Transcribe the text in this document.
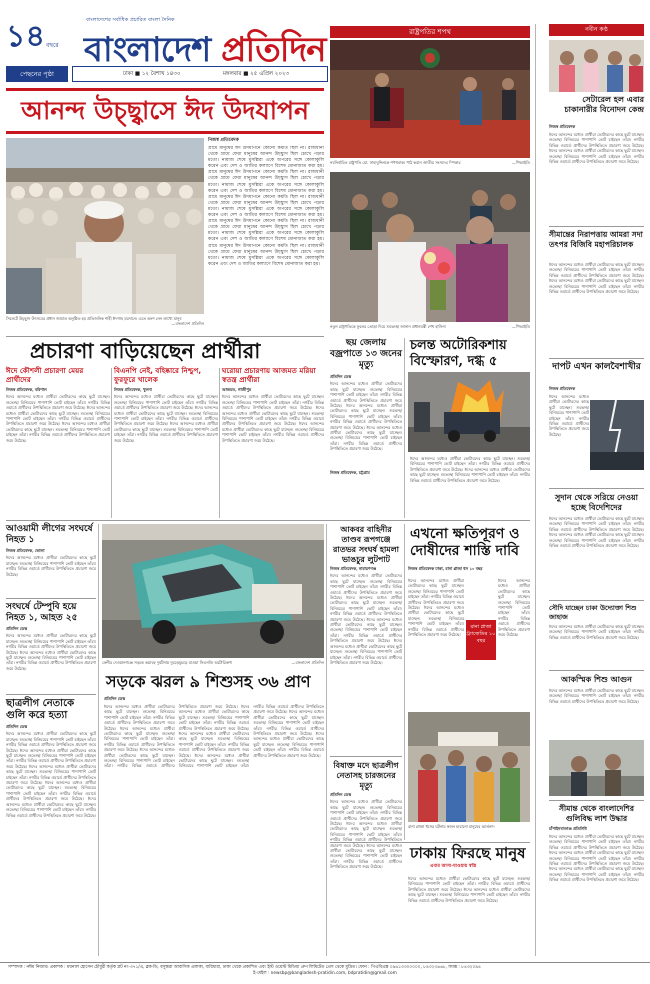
১৪ বছরে
পেছনের পৃষ্ঠা
বাংলাদেশের সর্বাধিক প্রচারিত বাংলা দৈনিক
বাংলাদেশ প্রতিদিন
ঢাকা ■ ১২ বৈশাখ ১৪৩০	মঙ্গলবার ■ ২৫ এপ্রিল ২০২৩
রাষ্ট্রপতির শপথ	নবীন কণ্ঠ
আনন্দ উচ্ছ্বাসে ঈদ উদযাপন
সিলেটে উচ্ছ্বাস উৎসবের প্রধান জামাত অনুষ্ঠিত হয় প্রতিজনিক শাহী ঈদগাহ ময়দানে। এতে অংশ নেন লাখো মানুষ
—বাংলাদেশ প্রতিদিন
নিজস্ব প্রতিবেদক
গ্রামে মানুষের ঈদ উদযাপনে কোনো কমতি ছিল না। রাজধানী থেকে গ্রামে ফেরা মানুষের আনন্দ উচ্ছ্বাস ছিল চোখে পড়ার মতো। নামাজ শেষে মুসল্লিরা একে অপরের সঙ্গে কোলাকুলি করেন এবং দেশ ও জাতির কল্যাণে বিশেষ মোনাজাত করা হয়। গ্রামে মানুষের ঈদ উদযাপনে কোনো কমতি ছিল না। রাজধানী থেকে গ্রামে ফেরা মানুষের আনন্দ উচ্ছ্বাস ছিল চোখে পড়ার মতো। নামাজ শেষে মুসল্লিরা একে অপরের সঙ্গে কোলাকুলি করেন এবং দেশ ও জাতির কল্যাণে বিশেষ মোনাজাত করা হয়। গ্রামে মানুষের ঈদ উদযাপনে কোনো কমতি ছিল না। রাজধানী থেকে গ্রামে ফেরা মানুষের আনন্দ উচ্ছ্বাস ছিল চোখে পড়ার মতো। নামাজ শেষে মুসল্লিরা একে অপরের সঙ্গে কোলাকুলি করেন এবং দেশ ও জাতির কল্যাণে বিশেষ মোনাজাত করা হয়। গ্রামে মানুষের ঈদ উদযাপনে কোনো কমতি ছিল না। রাজধানী থেকে গ্রামে ফেরা মানুষের আনন্দ উচ্ছ্বাস ছিল চোখে পড়ার মতো। নামাজ শেষে মুসল্লিরা একে অপরের সঙ্গে কোলাকুলি করেন এবং দেশ ও জাতির কল্যাণে বিশেষ মোনাজাত করা হয়। গ্রামে মানুষের ঈদ উদযাপনে কোনো কমতি ছিল না। রাজধানী থেকে গ্রামে ফেরা মানুষের আনন্দ উচ্ছ্বাস ছিল চোখে পড়ার মতো। নামাজ শেষে মুসল্লিরা একে অপরের সঙ্গে কোলাকুলি করেন এবং দেশ ও জাতির কল্যাণে বিশেষ মোনাজাত করা হয়।
নবনির্বাচিত রাষ্ট্রপতি মো. সাহাবুদ্দিনকে শপথবাক্য পাঠ করান জাতীয় সংসদের স্পিকার	—পিআইডি
নতুন রাষ্ট্রপতিকে ফুলের তোড়া দিয়ে শুভেচ্ছা জানান প্রধানমন্ত্রী শেখ হাসিনা	—পিআইডি
প্রচারণা বাড়িয়েছেন প্রার্থীরা
ঈদে কৌশলী প্রচারণা মেয়র প্রার্থীদের
নিজস্ব প্রতিবেদক, বরিশাল
ঈদের আনন্দের মধ্যেও প্রার্থীরা ভোটারদের কাছে ছুটে যাচ্ছেন। শুভেচ্ছা বিনিময়ের পাশাপাশি ভোট চাইছেন তাঁরা। নগরীর বিভিন্ন ওয়ার্ডে প্রার্থীদের উপস্থিতিতে প্রচারণা জমে উঠেছে। ঈদের আনন্দের মধ্যেও প্রার্থীরা ভোটারদের কাছে ছুটে যাচ্ছেন। শুভেচ্ছা বিনিময়ের পাশাপাশি ভোট চাইছেন তাঁরা। নগরীর বিভিন্ন ওয়ার্ডে প্রার্থীদের উপস্থিতিতে প্রচারণা জমে উঠেছে। ঈদের আনন্দের মধ্যেও প্রার্থীরা ভোটারদের কাছে ছুটে যাচ্ছেন। শুভেচ্ছা বিনিময়ের পাশাপাশি ভোট চাইছেন তাঁরা। নগরীর বিভিন্ন ওয়ার্ডে প্রার্থীদের উপস্থিতিতে প্রচারণা জমে উঠেছে।
বিএনপি নেই, বহিষ্কারে নিশ্চুপ, ফুরফুরে খালেক
নিজস্ব প্রতিবেদক, খুলনা
ঈদের আনন্দের মধ্যেও প্রার্থীরা ভোটারদের কাছে ছুটে যাচ্ছেন। শুভেচ্ছা বিনিময়ের পাশাপাশি ভোট চাইছেন তাঁরা। নগরীর বিভিন্ন ওয়ার্ডে প্রার্থীদের উপস্থিতিতে প্রচারণা জমে উঠেছে। ঈদের আনন্দের মধ্যেও প্রার্থীরা ভোটারদের কাছে ছুটে যাচ্ছেন। শুভেচ্ছা বিনিময়ের পাশাপাশি ভোট চাইছেন তাঁরা। নগরীর বিভিন্ন ওয়ার্ডে প্রার্থীদের উপস্থিতিতে প্রচারণা জমে উঠেছে। ঈদের আনন্দের মধ্যেও প্রার্থীরা ভোটারদের কাছে ছুটে যাচ্ছেন। শুভেচ্ছা বিনিময়ের পাশাপাশি ভোট চাইছেন তাঁরা। নগরীর বিভিন্ন ওয়ার্ডে প্রার্থীদের উপস্থিতিতে প্রচারণা জমে উঠেছে।
ঘরোয়া প্রচারণায় আজমত মরিয়া স্বতন্ত্র প্রার্থীরা
আজমত, গাজীপুর
ঈদের আনন্দের মধ্যেও প্রার্থীরা ভোটারদের কাছে ছুটে যাচ্ছেন। শুভেচ্ছা বিনিময়ের পাশাপাশি ভোট চাইছেন তাঁরা। নগরীর বিভিন্ন ওয়ার্ডে প্রার্থীদের উপস্থিতিতে প্রচারণা জমে উঠেছে। ঈদের আনন্দের মধ্যেও প্রার্থীরা ভোটারদের কাছে ছুটে যাচ্ছেন। শুভেচ্ছা বিনিময়ের পাশাপাশি ভোট চাইছেন তাঁরা। নগরীর বিভিন্ন ওয়ার্ডে প্রার্থীদের উপস্থিতিতে প্রচারণা জমে উঠেছে। ঈদের আনন্দের মধ্যেও প্রার্থীরা ভোটারদের কাছে ছুটে যাচ্ছেন। শুভেচ্ছা বিনিময়ের পাশাপাশি ভোট চাইছেন তাঁরা। নগরীর বিভিন্ন ওয়ার্ডে প্রার্থীদের উপস্থিতিতে প্রচারণা জমে উঠেছে।
ছয় জেলায় বজ্রপাতে ১৩ জনের মৃত্যু
প্রতিদিন ডেস্ক
ঈদের আনন্দের মধ্যেও প্রার্থীরা ভোটারদের কাছে ছুটে যাচ্ছেন। শুভেচ্ছা বিনিময়ের পাশাপাশি ভোট চাইছেন তাঁরা। নগরীর বিভিন্ন ওয়ার্ডে প্রার্থীদের উপস্থিতিতে প্রচারণা জমে উঠেছে। ঈদের আনন্দের মধ্যেও প্রার্থীরা ভোটারদের কাছে ছুটে যাচ্ছেন। শুভেচ্ছা বিনিময়ের পাশাপাশি ভোট চাইছেন তাঁরা। নগরীর বিভিন্ন ওয়ার্ডে প্রার্থীদের উপস্থিতিতে প্রচারণা জমে উঠেছে। ঈদের আনন্দের মধ্যেও প্রার্থীরা ভোটারদের কাছে ছুটে যাচ্ছেন। শুভেচ্ছা বিনিময়ের পাশাপাশি ভোট চাইছেন তাঁরা। নগরীর বিভিন্ন ওয়ার্ডে প্রার্থীদের উপস্থিতিতে প্রচারণা জমে উঠেছে।
চলন্ত অটোরিকশায় বিস্ফোরণ, দগ্ধ ৫
নিজস্ব প্রতিবেদক, চট্টগ্রাম
ঈদের আনন্দের মধ্যেও প্রার্থীরা ভোটারদের কাছে ছুটে যাচ্ছেন। শুভেচ্ছা বিনিময়ের পাশাপাশি ভোট চাইছেন তাঁরা। নগরীর বিভিন্ন ওয়ার্ডে প্রার্থীদের উপস্থিতিতে প্রচারণা জমে উঠেছে। ঈদের আনন্দের মধ্যেও প্রার্থীরা ভোটারদের কাছে ছুটে যাচ্ছেন। শুভেচ্ছা বিনিময়ের পাশাপাশি ভোট চাইছেন তাঁরা। নগরীর বিভিন্ন ওয়ার্ডে প্রার্থীদের উপস্থিতিতে প্রচারণা জমে উঠেছে।
আওয়ামী লীগের সংঘর্ষে নিহত ১
নিজস্ব প্রতিবেদক, ভোলা
ঈদের আনন্দের মধ্যেও প্রার্থীরা ভোটারদের কাছে ছুটে যাচ্ছেন। শুভেচ্ছা বিনিময়ের পাশাপাশি ভোট চাইছেন তাঁরা। নগরীর বিভিন্ন ওয়ার্ডে প্রার্থীদের উপস্থিতিতে প্রচারণা জমে উঠেছে।
সংঘর্ষে টেম্পুবি হয়ে নিহত ১, আহত ২৫
প্রতিদিন ডেস্ক
ঈদের আনন্দের মধ্যেও প্রার্থীরা ভোটারদের কাছে ছুটে যাচ্ছেন। শুভেচ্ছা বিনিময়ের পাশাপাশি ভোট চাইছেন তাঁরা। নগরীর বিভিন্ন ওয়ার্ডে প্রার্থীদের উপস্থিতিতে প্রচারণা জমে উঠেছে। ঈদের আনন্দের মধ্যেও প্রার্থীরা ভোটারদের কাছে ছুটে যাচ্ছেন। শুভেচ্ছা বিনিময়ের পাশাপাশি ভোট চাইছেন তাঁরা। নগরীর বিভিন্ন ওয়ার্ডে প্রার্থীদের উপস্থিতিতে প্রচারণা জমে উঠেছে।
ছাত্রলীগ নেতাকে গুলি করে হত্যা
প্রতিদিন ডেস্ক
ঈদের আনন্দের মধ্যেও প্রার্থীরা ভোটারদের কাছে ছুটে যাচ্ছেন। শুভেচ্ছা বিনিময়ের পাশাপাশি ভোট চাইছেন তাঁরা। নগরীর বিভিন্ন ওয়ার্ডে প্রার্থীদের উপস্থিতিতে প্রচারণা জমে উঠেছে। ঈদের আনন্দের মধ্যেও প্রার্থীরা ভোটারদের কাছে ছুটে যাচ্ছেন। শুভেচ্ছা বিনিময়ের পাশাপাশি ভোট চাইছেন তাঁরা। নগরীর বিভিন্ন ওয়ার্ডে প্রার্থীদের উপস্থিতিতে প্রচারণা জমে উঠেছে। ঈদের আনন্দের মধ্যেও প্রার্থীরা ভোটারদের কাছে ছুটে যাচ্ছেন। শুভেচ্ছা বিনিময়ের পাশাপাশি ভোট চাইছেন তাঁরা। নগরীর বিভিন্ন ওয়ার্ডে প্রার্থীদের উপস্থিতিতে প্রচারণা জমে উঠেছে। ঈদের আনন্দের মধ্যেও প্রার্থীরা ভোটারদের কাছে ছুটে যাচ্ছেন। শুভেচ্ছা বিনিময়ের পাশাপাশি ভোট চাইছেন তাঁরা। নগরীর বিভিন্ন ওয়ার্ডে প্রার্থীদের উপস্থিতিতে প্রচারণা জমে উঠেছে। ঈদের আনন্দের মধ্যেও প্রার্থীরা ভোটারদের কাছে ছুটে যাচ্ছেন। শুভেচ্ছা বিনিময়ের পাশাপাশি ভোট চাইছেন তাঁরা। নগরীর বিভিন্ন ওয়ার্ডে প্রার্থীদের উপস্থিতিতে প্রচারণা জমে উঠেছে।
ফেনীর দেওয়ানগঞ্জে সড়কে ভয়াবহ দুর্ঘটনায় দুমড়েমুচড়ে যাওয়া সিএনজি অটোরিকশা	—বাংলাদেশ প্রতিদিন
সড়কে ঝরল ৯ শিশুসহ ৩৬ প্রাণ
প্রতিদিন ডেস্ক
ঈদের আনন্দের মধ্যেও প্রার্থীরা ভোটারদের কাছে ছুটে যাচ্ছেন। শুভেচ্ছা বিনিময়ের পাশাপাশি ভোট চাইছেন তাঁরা। নগরীর বিভিন্ন ওয়ার্ডে প্রার্থীদের উপস্থিতিতে প্রচারণা জমে উঠেছে। ঈদের আনন্দের মধ্যেও প্রার্থীরা ভোটারদের কাছে ছুটে যাচ্ছেন। শুভেচ্ছা বিনিময়ের পাশাপাশি ভোট চাইছেন তাঁরা। নগরীর বিভিন্ন ওয়ার্ডে প্রার্থীদের উপস্থিতিতে প্রচারণা জমে উঠেছে। ঈদের আনন্দের মধ্যেও প্রার্থীরা ভোটারদের কাছে ছুটে যাচ্ছেন। শুভেচ্ছা বিনিময়ের পাশাপাশি ভোট চাইছেন তাঁরা। নগরীর বিভিন্ন ওয়ার্ডে প্রার্থীদের উপস্থিতিতে প্রচারণা জমে উঠেছে। ঈদের আনন্দের মধ্যেও প্রার্থীরা ভোটারদের কাছে ছুটে যাচ্ছেন। শুভেচ্ছা বিনিময়ের পাশাপাশি ভোট চাইছেন তাঁরা। নগরীর বিভিন্ন ওয়ার্ডে প্রার্থীদের উপস্থিতিতে প্রচারণা জমে উঠেছে। ঈদের আনন্দের মধ্যেও প্রার্থীরা ভোটারদের কাছে ছুটে যাচ্ছেন। শুভেচ্ছা বিনিময়ের পাশাপাশি ভোট চাইছেন তাঁরা। নগরীর বিভিন্ন ওয়ার্ডে প্রার্থীদের উপস্থিতিতে প্রচারণা জমে উঠেছে। ঈদের আনন্দের মধ্যেও প্রার্থীরা ভোটারদের কাছে ছুটে যাচ্ছেন। শুভেচ্ছা বিনিময়ের পাশাপাশি ভোট চাইছেন তাঁরা। নগরীর বিভিন্ন ওয়ার্ডে প্রার্থীদের উপস্থিতিতে প্রচারণা জমে উঠেছে। ঈদের আনন্দের মধ্যেও প্রার্থীরা ভোটারদের কাছে ছুটে যাচ্ছেন। শুভেচ্ছা বিনিময়ের পাশাপাশি ভোট চাইছেন তাঁরা। নগরীর বিভিন্ন ওয়ার্ডে প্রার্থীদের উপস্থিতিতে প্রচারণা জমে উঠেছে। ঈদের আনন্দের মধ্যেও প্রার্থীরা ভোটারদের কাছে ছুটে যাচ্ছেন। শুভেচ্ছা বিনিময়ের পাশাপাশি ভোট চাইছেন তাঁরা। নগরীর বিভিন্ন ওয়ার্ডে প্রার্থীদের উপস্থিতিতে প্রচারণা জমে উঠেছে।
আকবর বাহিনীর তাণ্ডব রূপগঞ্জে রাতভর সংঘর্ষ হামলা ভাঙচুর লুটপাট
নিজস্ব প্রতিবেদক, নারায়ণগঞ্জ
ঈদের আনন্দের মধ্যেও প্রার্থীরা ভোটারদের কাছে ছুটে যাচ্ছেন। শুভেচ্ছা বিনিময়ের পাশাপাশি ভোট চাইছেন তাঁরা। নগরীর বিভিন্ন ওয়ার্ডে প্রার্থীদের উপস্থিতিতে প্রচারণা জমে উঠেছে। ঈদের আনন্দের মধ্যেও প্রার্থীরা ভোটারদের কাছে ছুটে যাচ্ছেন। শুভেচ্ছা বিনিময়ের পাশাপাশি ভোট চাইছেন তাঁরা। নগরীর বিভিন্ন ওয়ার্ডে প্রার্থীদের উপস্থিতিতে প্রচারণা জমে উঠেছে। ঈদের আনন্দের মধ্যেও প্রার্থীরা ভোটারদের কাছে ছুটে যাচ্ছেন। শুভেচ্ছা বিনিময়ের পাশাপাশি ভোট চাইছেন তাঁরা। নগরীর বিভিন্ন ওয়ার্ডে প্রার্থীদের উপস্থিতিতে প্রচারণা জমে উঠেছে। ঈদের আনন্দের মধ্যেও প্রার্থীরা ভোটারদের কাছে ছুটে যাচ্ছেন। শুভেচ্ছা বিনিময়ের পাশাপাশি ভোট চাইছেন তাঁরা। নগরীর বিভিন্ন ওয়ার্ডে প্রার্থীদের উপস্থিতিতে প্রচারণা জমে উঠেছে।
বিষাক্ত মদে ছাত্রলীগ নেতাসহ চারজনের মৃত্যু
প্রতিদিন ডেস্ক
ঈদের আনন্দের মধ্যেও প্রার্থীরা ভোটারদের কাছে ছুটে যাচ্ছেন। শুভেচ্ছা বিনিময়ের পাশাপাশি ভোট চাইছেন তাঁরা। নগরীর বিভিন্ন ওয়ার্ডে প্রার্থীদের উপস্থিতিতে প্রচারণা জমে উঠেছে। ঈদের আনন্দের মধ্যেও প্রার্থীরা ভোটারদের কাছে ছুটে যাচ্ছেন। শুভেচ্ছা বিনিময়ের পাশাপাশি ভোট চাইছেন তাঁরা। নগরীর বিভিন্ন ওয়ার্ডে প্রার্থীদের উপস্থিতিতে প্রচারণা জমে উঠেছে। ঈদের আনন্দের মধ্যেও প্রার্থীরা ভোটারদের কাছে ছুটে যাচ্ছেন। শুভেচ্ছা বিনিময়ের পাশাপাশি ভোট চাইছেন তাঁরা। নগরীর বিভিন্ন ওয়ার্ডে প্রার্থীদের উপস্থিতিতে প্রচারণা জমে উঠেছে।
এখনো ক্ষতিপূরণ ও দোষীদের শাস্তি দাবি
নিজস্ব প্রতিবেদক ঢাকা, রানা প্লাজা ধস ১০ বছর
ঈদের আনন্দের মধ্যেও প্রার্থীরা ভোটারদের কাছে ছুটে যাচ্ছেন। শুভেচ্ছা বিনিময়ের পাশাপাশি ভোট চাইছেন তাঁরা। নগরীর বিভিন্ন ওয়ার্ডে প্রার্থীদের উপস্থিতিতে প্রচারণা জমে উঠেছে। ঈদের আনন্দের মধ্যেও প্রার্থীরা ভোটারদের কাছে ছুটে যাচ্ছেন। শুভেচ্ছা বিনিময়ের পাশাপাশি ভোট চাইছেন তাঁরা। নগরীর বিভিন্ন ওয়ার্ডে প্রার্থীদের উপস্থিতিতে প্রচারণা জমে উঠেছে।
রানা প্লাজা ট্র্যাজেডির ১০ বছর
ঈদের আনন্দের মধ্যেও প্রার্থীরা ভোটারদের কাছে ছুটে যাচ্ছেন। শুভেচ্ছা বিনিময়ের পাশাপাশি ভোট চাইছেন তাঁরা। নগরীর বিভিন্ন ওয়ার্ডে প্রার্থীদের উপস্থিতিতে প্রচারণা জমে উঠেছে।
রানা প্লাজা ধসের ঘটনায় স্বজন হারানো মানুষের আর্তনাদ
ঢাকায় ফিরছে মানুষ
এবার আসা-যাওয়ায় স্বস্তি
ঈদের আনন্দের মধ্যেও প্রার্থীরা ভোটারদের কাছে ছুটে যাচ্ছেন। শুভেচ্ছা বিনিময়ের পাশাপাশি ভোট চাইছেন তাঁরা। নগরীর বিভিন্ন ওয়ার্ডে প্রার্থীদের উপস্থিতিতে প্রচারণা জমে উঠেছে। ঈদের আনন্দের মধ্যেও প্রার্থীরা ভোটারদের কাছে ছুটে যাচ্ছেন। শুভেচ্ছা বিনিময়ের পাশাপাশি ভোট চাইছেন তাঁরা। নগরীর বিভিন্ন ওয়ার্ডে প্রার্থীদের উপস্থিতিতে প্রচারণা জমে উঠেছে।
সেটারেল হল এবার চাকানারীর বিনোদন কেন্দ্র
নিজস্ব প্রতিবেদক
ঈদের আনন্দের মধ্যেও প্রার্থীরা ভোটারদের কাছে ছুটে যাচ্ছেন। শুভেচ্ছা বিনিময়ের পাশাপাশি ভোট চাইছেন তাঁরা। নগরীর বিভিন্ন ওয়ার্ডে প্রার্থীদের উপস্থিতিতে প্রচারণা জমে উঠেছে। ঈদের আনন্দের মধ্যেও প্রার্থীরা ভোটারদের কাছে ছুটে যাচ্ছেন। শুভেচ্ছা বিনিময়ের পাশাপাশি ভোট চাইছেন তাঁরা। নগরীর বিভিন্ন ওয়ার্ডে প্রার্থীদের উপস্থিতিতে প্রচারণা জমে উঠেছে।
সীমান্তের নিরাপত্তায় আমরা সদা তৎপর বিজিবি মহাপরিচালক
ঈদের আনন্দের মধ্যেও প্রার্থীরা ভোটারদের কাছে ছুটে যাচ্ছেন। শুভেচ্ছা বিনিময়ের পাশাপাশি ভোট চাইছেন তাঁরা। নগরীর বিভিন্ন ওয়ার্ডে প্রার্থীদের উপস্থিতিতে প্রচারণা জমে উঠেছে। ঈদের আনন্দের মধ্যেও প্রার্থীরা ভোটারদের কাছে ছুটে যাচ্ছেন। শুভেচ্ছা বিনিময়ের পাশাপাশি ভোট চাইছেন তাঁরা। নগরীর বিভিন্ন ওয়ার্ডে প্রার্থীদের উপস্থিতিতে প্রচারণা জমে উঠেছে।
দাপট এখন কালবৈশাখীর
নিজস্ব প্রতিবেদক
ঈদের আনন্দের মধ্যেও প্রার্থীরা ভোটারদের কাছে ছুটে যাচ্ছেন। শুভেচ্ছা বিনিময়ের পাশাপাশি ভোট চাইছেন তাঁরা। নগরীর বিভিন্ন ওয়ার্ডে প্রার্থীদের উপস্থিতিতে প্রচারণা জমে উঠেছে।
সুদান থেকে সরিয়ে নেওয়া হচ্ছে বিদেশিদের
ঈদের আনন্দের মধ্যেও প্রার্থীরা ভোটারদের কাছে ছুটে যাচ্ছেন। শুভেচ্ছা বিনিময়ের পাশাপাশি ভোট চাইছেন তাঁরা। নগরীর বিভিন্ন ওয়ার্ডে প্রার্থীদের উপস্থিতিতে প্রচারণা জমে উঠেছে। ঈদের আনন্দের মধ্যেও প্রার্থীরা ভোটারদের কাছে ছুটে যাচ্ছেন। শুভেচ্ছা বিনিময়ের পাশাপাশি ভোট চাইছেন তাঁরা। নগরীর বিভিন্ন ওয়ার্ডে প্রার্থীদের উপস্থিতিতে প্রচারণা জমে উঠেছে।
সৌদি যাচ্ছেন চাকা উদ্যোক্তা শিশু জাহাজ
ঈদের আনন্দের মধ্যেও প্রার্থীরা ভোটারদের কাছে ছুটে যাচ্ছেন। শুভেচ্ছা বিনিময়ের পাশাপাশি ভোট চাইছেন তাঁরা। নগরীর বিভিন্ন ওয়ার্ডে প্রার্থীদের উপস্থিতিতে প্রচারণা জমে উঠেছে।
আকস্মিক শিশু আগুন
ঈদের আনন্দের মধ্যেও প্রার্থীরা ভোটারদের কাছে ছুটে যাচ্ছেন। শুভেচ্ছা বিনিময়ের পাশাপাশি ভোট চাইছেন তাঁরা। নগরীর বিভিন্ন ওয়ার্ডে প্রার্থীদের উপস্থিতিতে প্রচারণা জমে উঠেছে।
সীমান্ত থেকে বাংলাদেশির গুলিবিদ্ধ লাশ উদ্ধার
চাঁপাইনবাবগঞ্জ প্রতিনিধি
ঈদের আনন্দের মধ্যেও প্রার্থীরা ভোটারদের কাছে ছুটে যাচ্ছেন। শুভেচ্ছা বিনিময়ের পাশাপাশি ভোট চাইছেন তাঁরা। নগরীর বিভিন্ন ওয়ার্ডে প্রার্থীদের উপস্থিতিতে প্রচারণা জমে উঠেছে। ঈদের আনন্দের মধ্যেও প্রার্থীরা ভোটারদের কাছে ছুটে যাচ্ছেন। শুভেচ্ছা বিনিময়ের পাশাপাশি ভোট চাইছেন তাঁরা। নগরীর বিভিন্ন ওয়ার্ডে প্রার্থীদের উপস্থিতিতে প্রচারণা জমে উঠেছে। ঈদের আনন্দের মধ্যেও প্রার্থীরা ভোটারদের কাছে ছুটে যাচ্ছেন। শুভেচ্ছা বিনিময়ের পাশাপাশি ভোট চাইছেন তাঁরা। নগরীর বিভিন্ন ওয়ার্ডে প্রার্থীদের উপস্থিতিতে প্রচারণা জমে উঠেছে।
সম্পাদক : নঈম নিজাম। প্রকাশক : ময়নাল হোসেন চৌধুরী কর্তৃক প্লট নং-৩৭১/এ, ব্লক-ডি, বসুন্ধরা আবাসিক এলাকা, বারিধারা, ঢাকা থেকে প্রকাশিত এবং ইস্ট ওয়েস্ট মিডিয়া গ্রুপ লিমিটেড প্রেস থেকে মুদ্রিত। ফোন : পিএবিএক্স ০৯৬১৩৩০০০০০, ৮৪৩২৩৬৬৮, ফ্যাক্স : ৮৪৩২০৯৪
ই-মেইল : newsbp@bangladesh-pratidin.com, bdpratidin@gmail.com
